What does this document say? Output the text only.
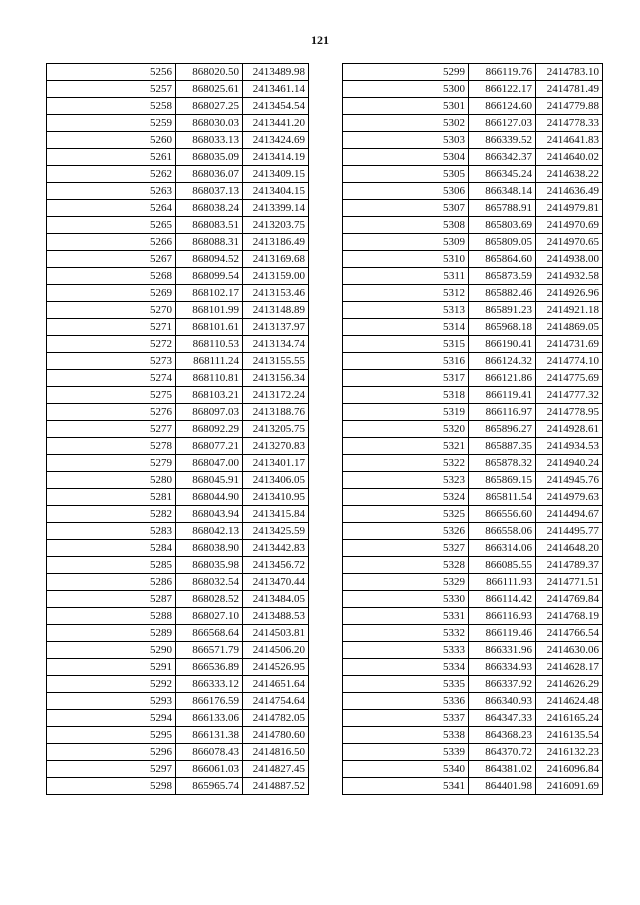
121
5256	868020.50	2413489.98
5257	868025.61	2413461.14
5258	868027.25	2413454.54
5259	868030.03	2413441.20
5260	868033.13	2413424.69
5261	868035.09	2413414.19
5262	868036.07	2413409.15
5263	868037.13	2413404.15
5264	868038.24	2413399.14
5265	868083.51	2413203.75
5266	868088.31	2413186.49
5267	868094.52	2413169.68
5268	868099.54	2413159.00
5269	868102.17	2413153.46
5270	868101.99	2413148.89
5271	868101.61	2413137.97
5272	868110.53	2413134.74
5273	868111.24	2413155.55
5274	868110.81	2413156.34
5275	868103.21	2413172.24
5276	868097.03	2413188.76
5277	868092.29	2413205.75
5278	868077.21	2413270.83
5279	868047.00	2413401.17
5280	868045.91	2413406.05
5281	868044.90	2413410.95
5282	868043.94	2413415.84
5283	868042.13	2413425.59
5284	868038.90	2413442.83
5285	868035.98	2413456.72
5286	868032.54	2413470.44
5287	868028.52	2413484.05
5288	868027.10	2413488.53
5289	866568.64	2414503.81
5290	866571.79	2414506.20
5291	866536.89	2414526.95
5292	866333.12	2414651.64
5293	866176.59	2414754.64
5294	866133.06	2414782.05
5295	866131.38	2414780.60
5296	866078.43	2414816.50
5297	866061.03	2414827.45
5298	865965.74	2414887.52
5299	866119.76	2414783.10
5300	866122.17	2414781.49
5301	866124.60	2414779.88
5302	866127.03	2414778.33
5303	866339.52	2414641.83
5304	866342.37	2414640.02
5305	866345.24	2414638.22
5306	866348.14	2414636.49
5307	865788.91	2414979.81
5308	865803.69	2414970.69
5309	865809.05	2414970.65
5310	865864.60	2414938.00
5311	865873.59	2414932.58
5312	865882.46	2414926.96
5313	865891.23	2414921.18
5314	865968.18	2414869.05
5315	866190.41	2414731.69
5316	866124.32	2414774.10
5317	866121.86	2414775.69
5318	866119.41	2414777.32
5319	866116.97	2414778.95
5320	865896.27	2414928.61
5321	865887.35	2414934.53
5322	865878.32	2414940.24
5323	865869.15	2414945.76
5324	865811.54	2414979.63
5325	866556.60	2414494.67
5326	866558.06	2414495.77
5327	866314.06	2414648.20
5328	866085.55	2414789.37
5329	866111.93	2414771.51
5330	866114.42	2414769.84
5331	866116.93	2414768.19
5332	866119.46	2414766.54
5333	866331.96	2414630.06
5334	866334.93	2414628.17
5335	866337.92	2414626.29
5336	866340.93	2414624.48
5337	864347.33	2416165.24
5338	864368.23	2416135.54
5339	864370.72	2416132.23
5340	864381.02	2416096.84
5341	864401.98	2416091.69
